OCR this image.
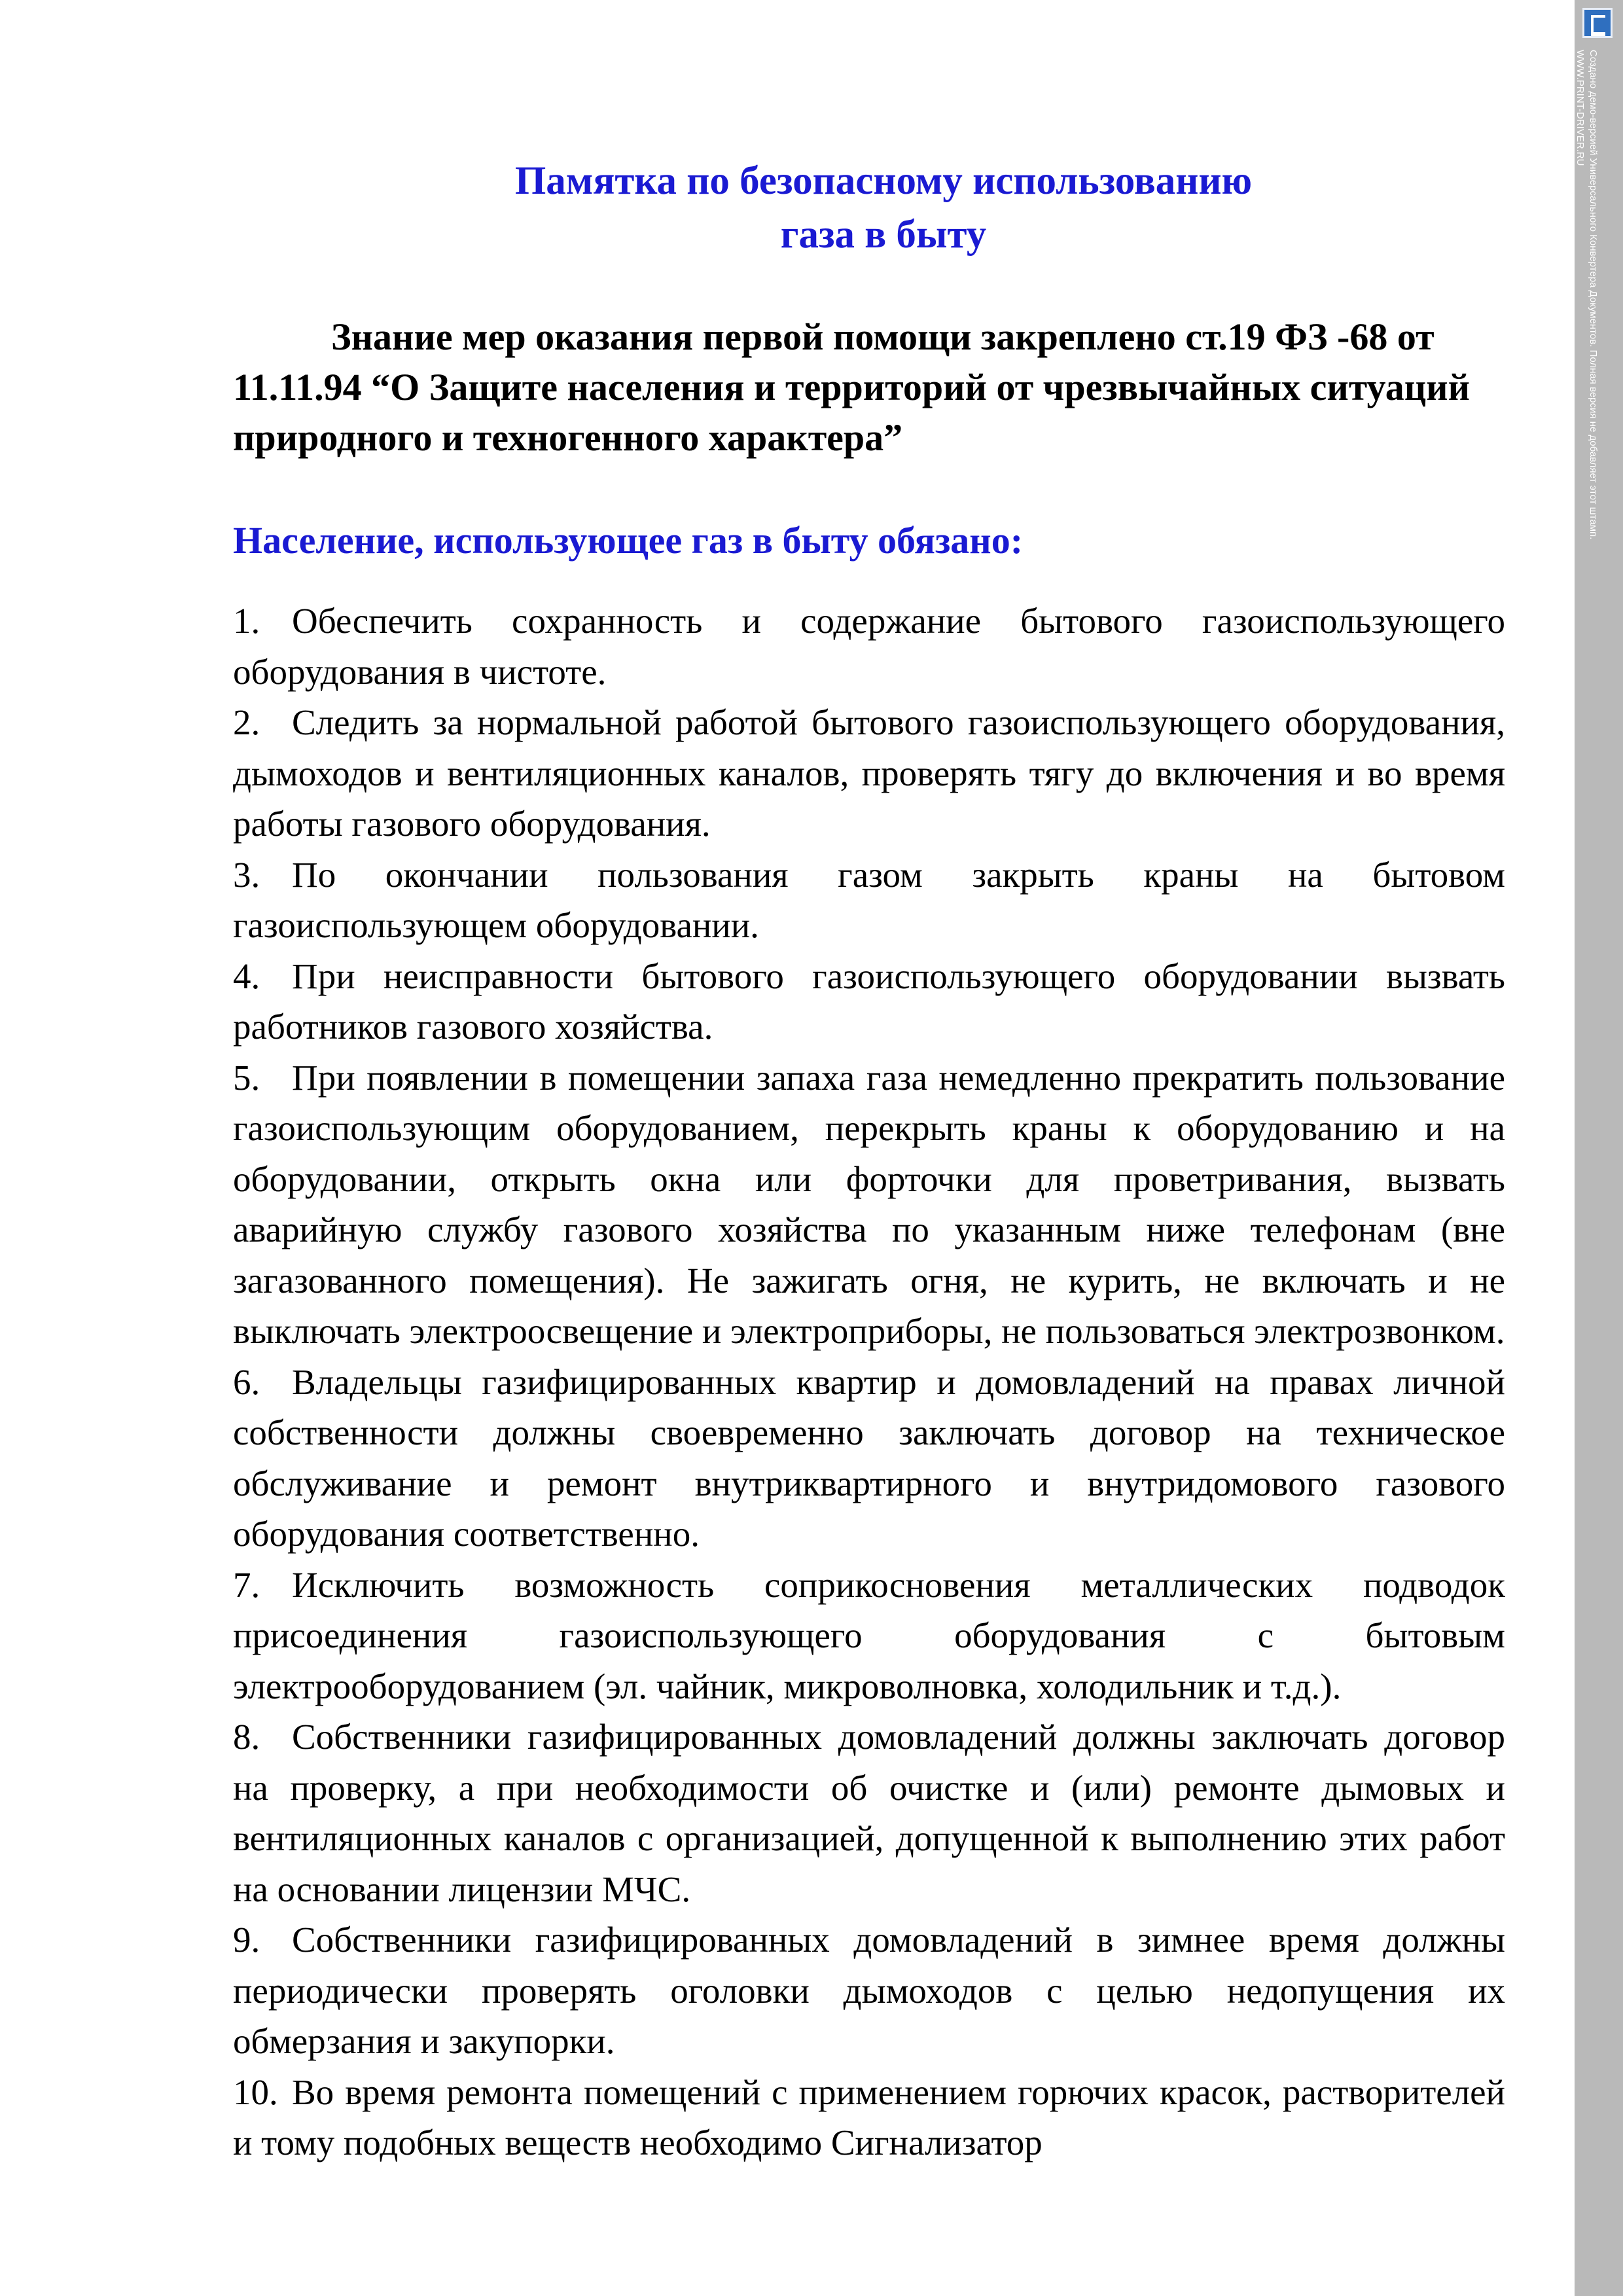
Памятка по безопасному использованию
газа в быту

Знание мер оказания первой помощи закреплено ст.19 ФЗ -68 от 11.11.94 “О Защите населения и территорий от чрезвычайных ситуаций природного и техногенного характера”

Население, использующее газ в быту обязано:

1. Обеспечить сохранность и содержание бытового газоиспользующего оборудования в чистоте.
2. Следить за нормальной работой бытового газоиспользующего оборудования, дымоходов и вентиляционных каналов, проверять тягу до включения и во время работы газового оборудования.
3. По окончании пользования газом закрыть краны на бытовом газоиспользующем оборудовании.
4. При неисправности бытового газоиспользующего оборудовании вызвать работников газового хозяйства.
5. При появлении в помещении запаха газа немедленно прекратить пользование газоиспользующим оборудованием, перекрыть краны к оборудованию и на оборудовании, открыть окна или форточки для проветривания, вызвать аварийную службу газового хозяйства по указанным ниже телефонам (вне загазованного помещения). Не зажигать огня, не курить, не включать и не выключать электроосвещение и электроприборы, не пользоваться электрозвонком.
6. Владельцы газифицированных квартир и домовладений на правах личной собственности должны своевременно заключать договор на техническое обслуживание и ремонт внутриквартирного и внутридомового газового оборудования соответственно.
7. Исключить возможность соприкосновения металлических подводок присоединения газоиспользующего оборудования с бытовым электрооборудованием (эл. чайник, микроволновка, холодильник и т.д.).
8. Собственники газифицированных домовладений должны заключать договор на проверку, а при необходимости об очистке и (или) ремонте дымовых и вентиляционных каналов с организацией, допущенной к выполнению этих работ на основании лицензии МЧС.
9. Собственники газифицированных домовладений в зимнее время должны периодически проверять оголовки дымоходов с целью недопущения их обмерзания и закупорки.
10. Во время ремонта помещений с применением горючих красок, растворителей и тому подобных веществ необходимо Сигнализатор
Создано демо-версией Универсального Конвертера Документов. Полная версия не добавляет этот штамп.
WWW.PRINT-DRIVER.RU
